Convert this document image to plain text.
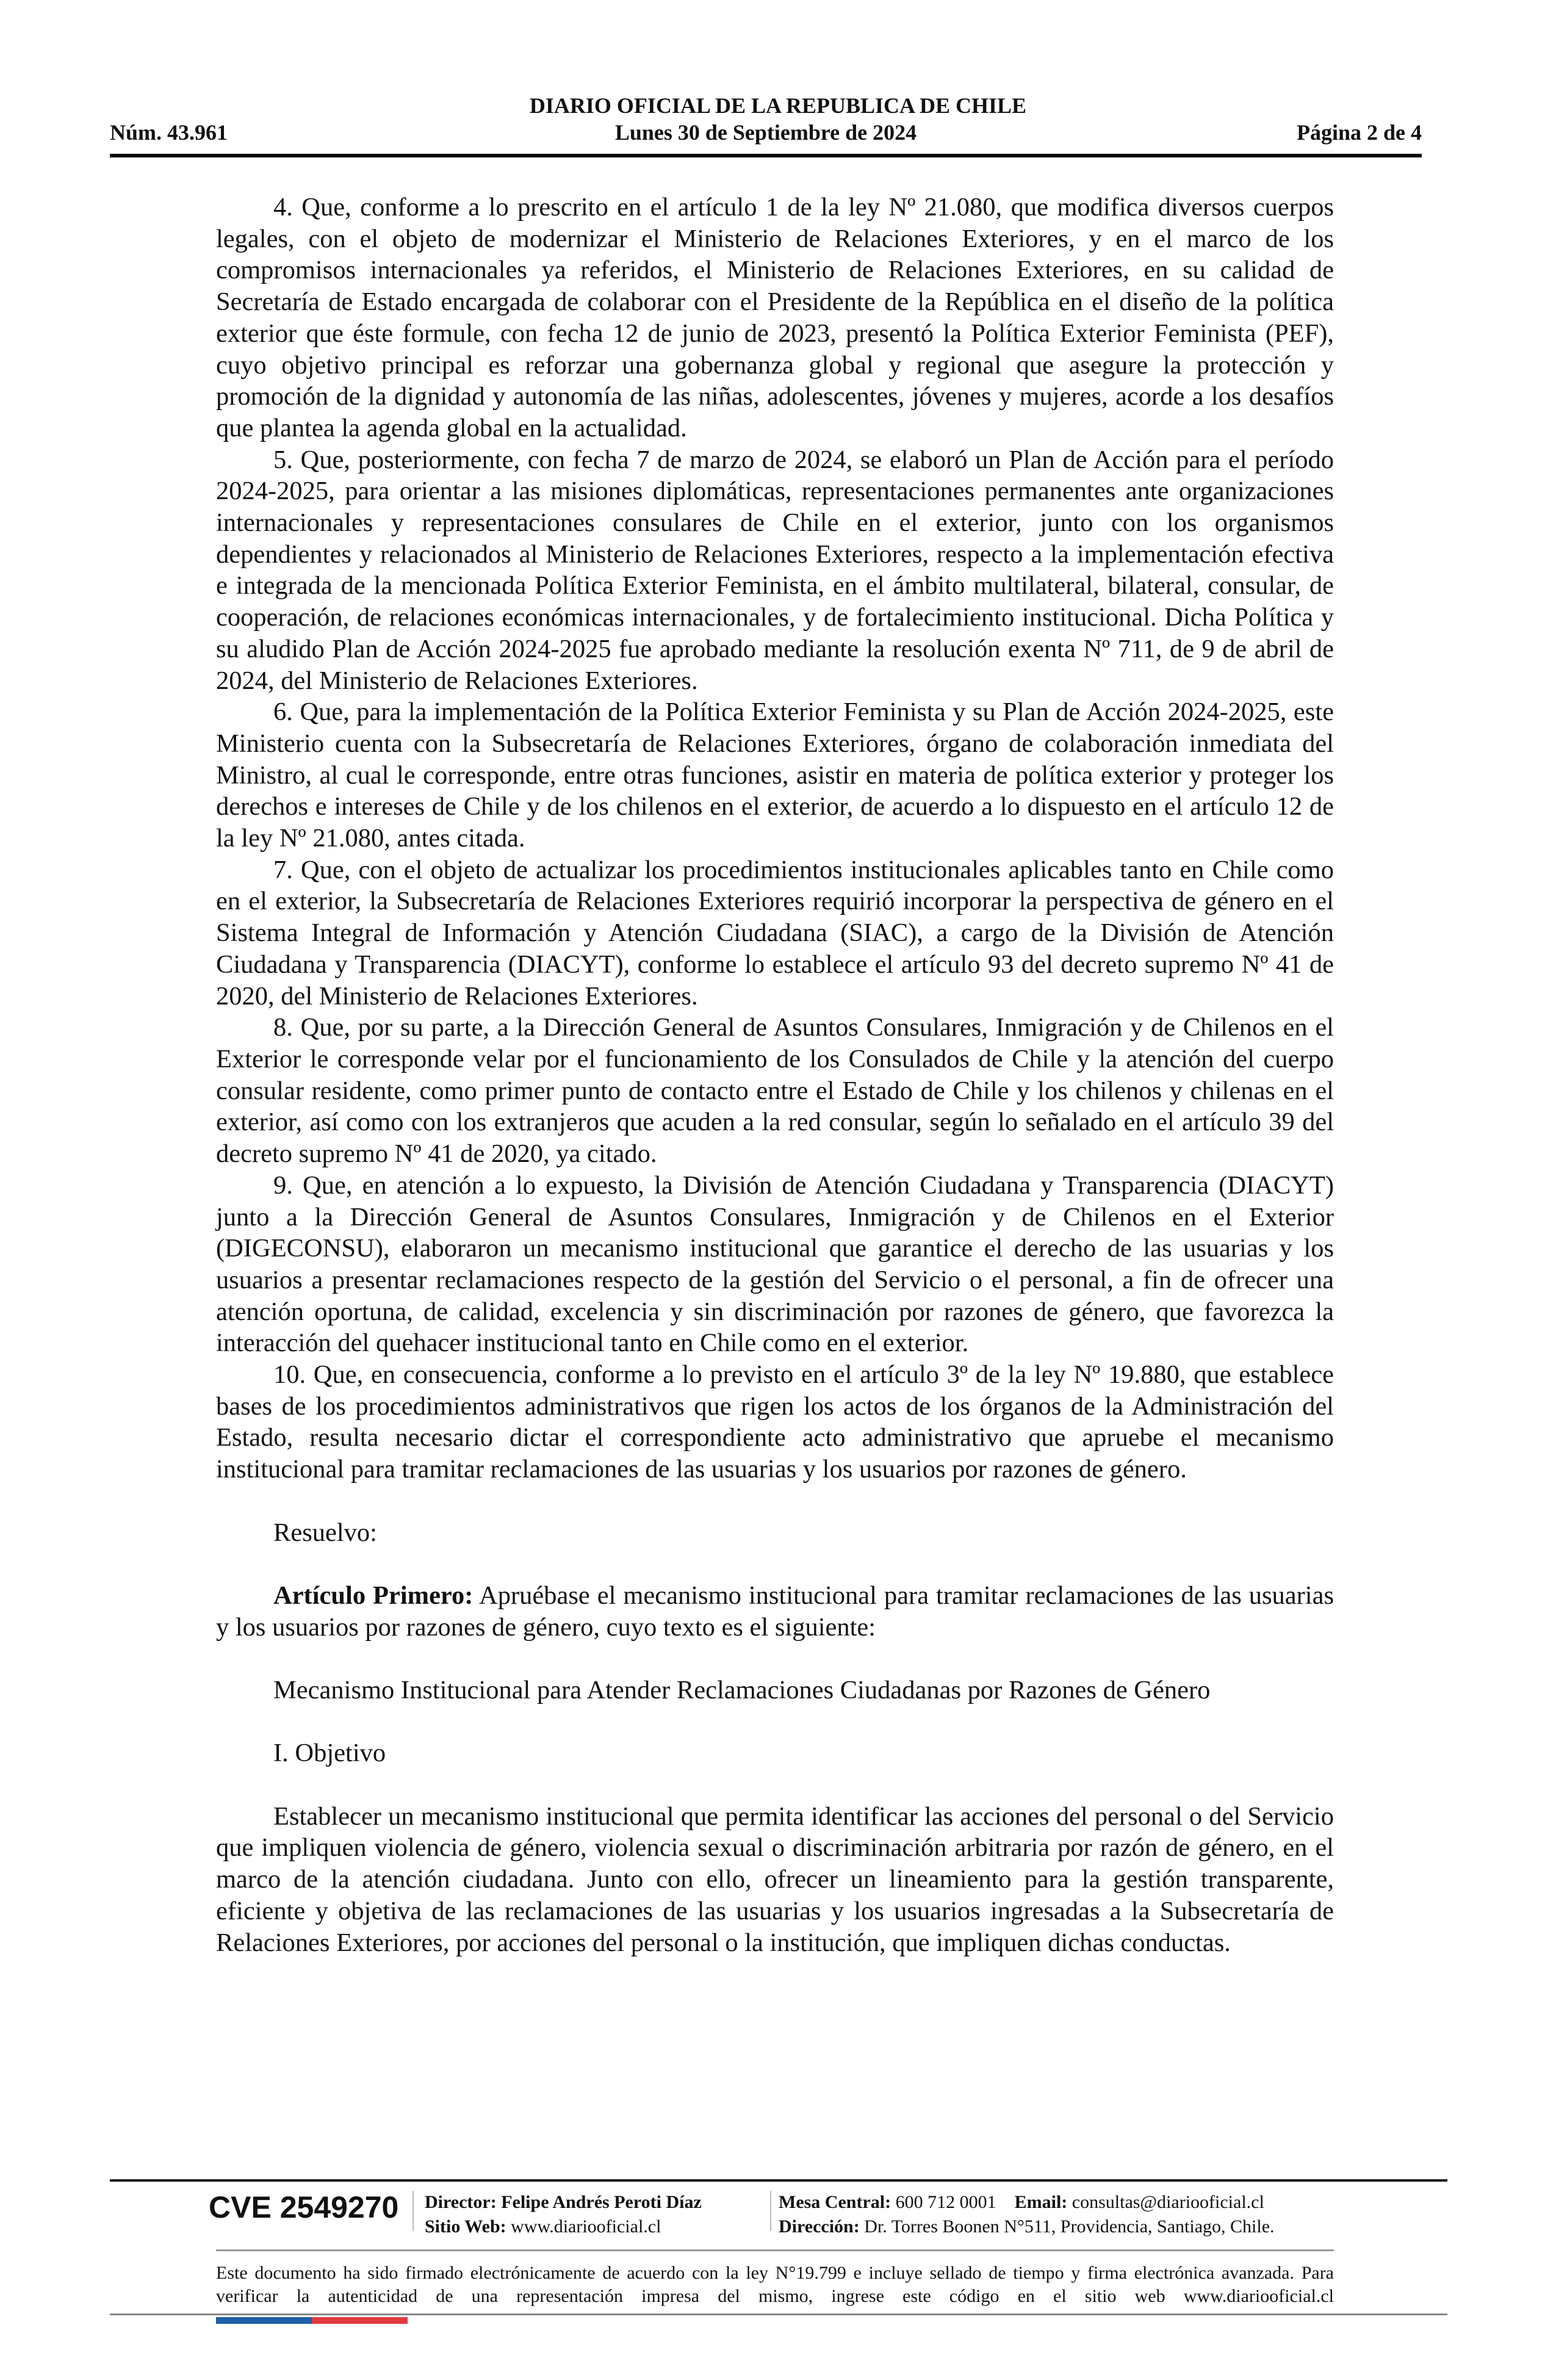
DIARIO OFICIAL DE LA REPUBLICA DE CHILE
Núm. 43.961	Lunes 30 de Septiembre de 2024	Página 2 de 4

4. Que, conforme a lo prescrito en el artículo 1 de la ley Nº 21.080, que modifica diversos cuerpos legales, con el objeto de modernizar el Ministerio de Relaciones Exteriores, y en el marco de los compromisos internacionales ya referidos, el Ministerio de Relaciones Exteriores, en su calidad de Secretaría de Estado encargada de colaborar con el Presidente de la República en el diseño de la política exterior que éste formule, con fecha 12 de junio de 2023, presentó la Política Exterior Feminista (PEF), cuyo objetivo principal es reforzar una gobernanza global y regional que asegure la protección y promoción de la dignidad y autonomía de las niñas, adolescentes, jóvenes y mujeres, acorde a los desafíos que plantea la agenda global en la actualidad.

5. Que, posteriormente, con fecha 7 de marzo de 2024, se elaboró un Plan de Acción para el período 2024-2025, para orientar a las misiones diplomáticas, representaciones permanentes ante organizaciones internacionales y representaciones consulares de Chile en el exterior, junto con los organismos dependientes y relacionados al Ministerio de Relaciones Exteriores, respecto a la implementación efectiva e integrada de la mencionada Política Exterior Feminista, en el ámbito multilateral, bilateral, consular, de cooperación, de relaciones económicas internacionales, y de fortalecimiento institucional. Dicha Política y su aludido Plan de Acción 2024-2025 fue aprobado mediante la resolución exenta Nº 711, de 9 de abril de 2024, del Ministerio de Relaciones Exteriores.

6. Que, para la implementación de la Política Exterior Feminista y su Plan de Acción 2024-2025, este Ministerio cuenta con la Subsecretaría de Relaciones Exteriores, órgano de colaboración inmediata del Ministro, al cual le corresponde, entre otras funciones, asistir en materia de política exterior y proteger los derechos e intereses de Chile y de los chilenos en el exterior, de acuerdo a lo dispuesto en el artículo 12 de la ley Nº 21.080, antes citada.

7. Que, con el objeto de actualizar los procedimientos institucionales aplicables tanto en Chile como en el exterior, la Subsecretaría de Relaciones Exteriores requirió incorporar la perspectiva de género en el Sistema Integral de Información y Atención Ciudadana (SIAC), a cargo de la División de Atención Ciudadana y Transparencia (DIACYT), conforme lo establece el artículo 93 del decreto supremo Nº 41 de 2020, del Ministerio de Relaciones Exteriores.

8. Que, por su parte, a la Dirección General de Asuntos Consulares, Inmigración y de Chilenos en el Exterior le corresponde velar por el funcionamiento de los Consulados de Chile y la atención del cuerpo consular residente, como primer punto de contacto entre el Estado de Chile y los chilenos y chilenas en el exterior, así como con los extranjeros que acuden a la red consular, según lo señalado en el artículo 39 del decreto supremo Nº 41 de 2020, ya citado.

9. Que, en atención a lo expuesto, la División de Atención Ciudadana y Transparencia (DIACYT) junto a la Dirección General de Asuntos Consulares, Inmigración y de Chilenos en el Exterior (DIGECONSU), elaboraron un mecanismo institucional que garantice el derecho de las usuarias y los usuarios a presentar reclamaciones respecto de la gestión del Servicio o el personal, a fin de ofrecer una atención oportuna, de calidad, excelencia y sin discriminación por razones de género, que favorezca la interacción del quehacer institucional tanto en Chile como en el exterior.

10. Que, en consecuencia, conforme a lo previsto en el artículo 3º de la ley Nº 19.880, que establece bases de los procedimientos administrativos que rigen los actos de los órganos de la Administración del Estado, resulta necesario dictar el correspondiente acto administrativo que apruebe el mecanismo institucional para tramitar reclamaciones de las usuarias y los usuarios por razones de género.

Resuelvo:

Artículo Primero: Apruébase el mecanismo institucional para tramitar reclamaciones de las usuarias y los usuarios por razones de género, cuyo texto es el siguiente:

Mecanismo Institucional para Atender Reclamaciones Ciudadanas por Razones de Género

I. Objetivo

Establecer un mecanismo institucional que permita identificar las acciones del personal o del Servicio que impliquen violencia de género, violencia sexual o discriminación arbitraria por razón de género, en el marco de la atención ciudadana. Junto con ello, ofrecer un lineamiento para la gestión transparente, eficiente y objetiva de las reclamaciones de las usuarias y los usuarios ingresadas a la Subsecretaría de Relaciones Exteriores, por acciones del personal o la institución, que impliquen dichas conductas.

CVE 2549270 Director: Felipe Andrés Peroti Díaz
Sitio Web: www.diariooficial.cl
Mesa Central: 600 712 0001 Email: consultas@diariooficial.cl
Dirección: Dr. Torres Boonen N°511, Providencia, Santiago, Chile.
Este documento ha sido firmado electrónicamente de acuerdo con la ley N°19.799 e incluye sellado de tiempo y firma electrónica avanzada. Para verificar la autenticidad de una representación impresa del mismo, ingrese este código en el sitio web www.diariooficial.cl
